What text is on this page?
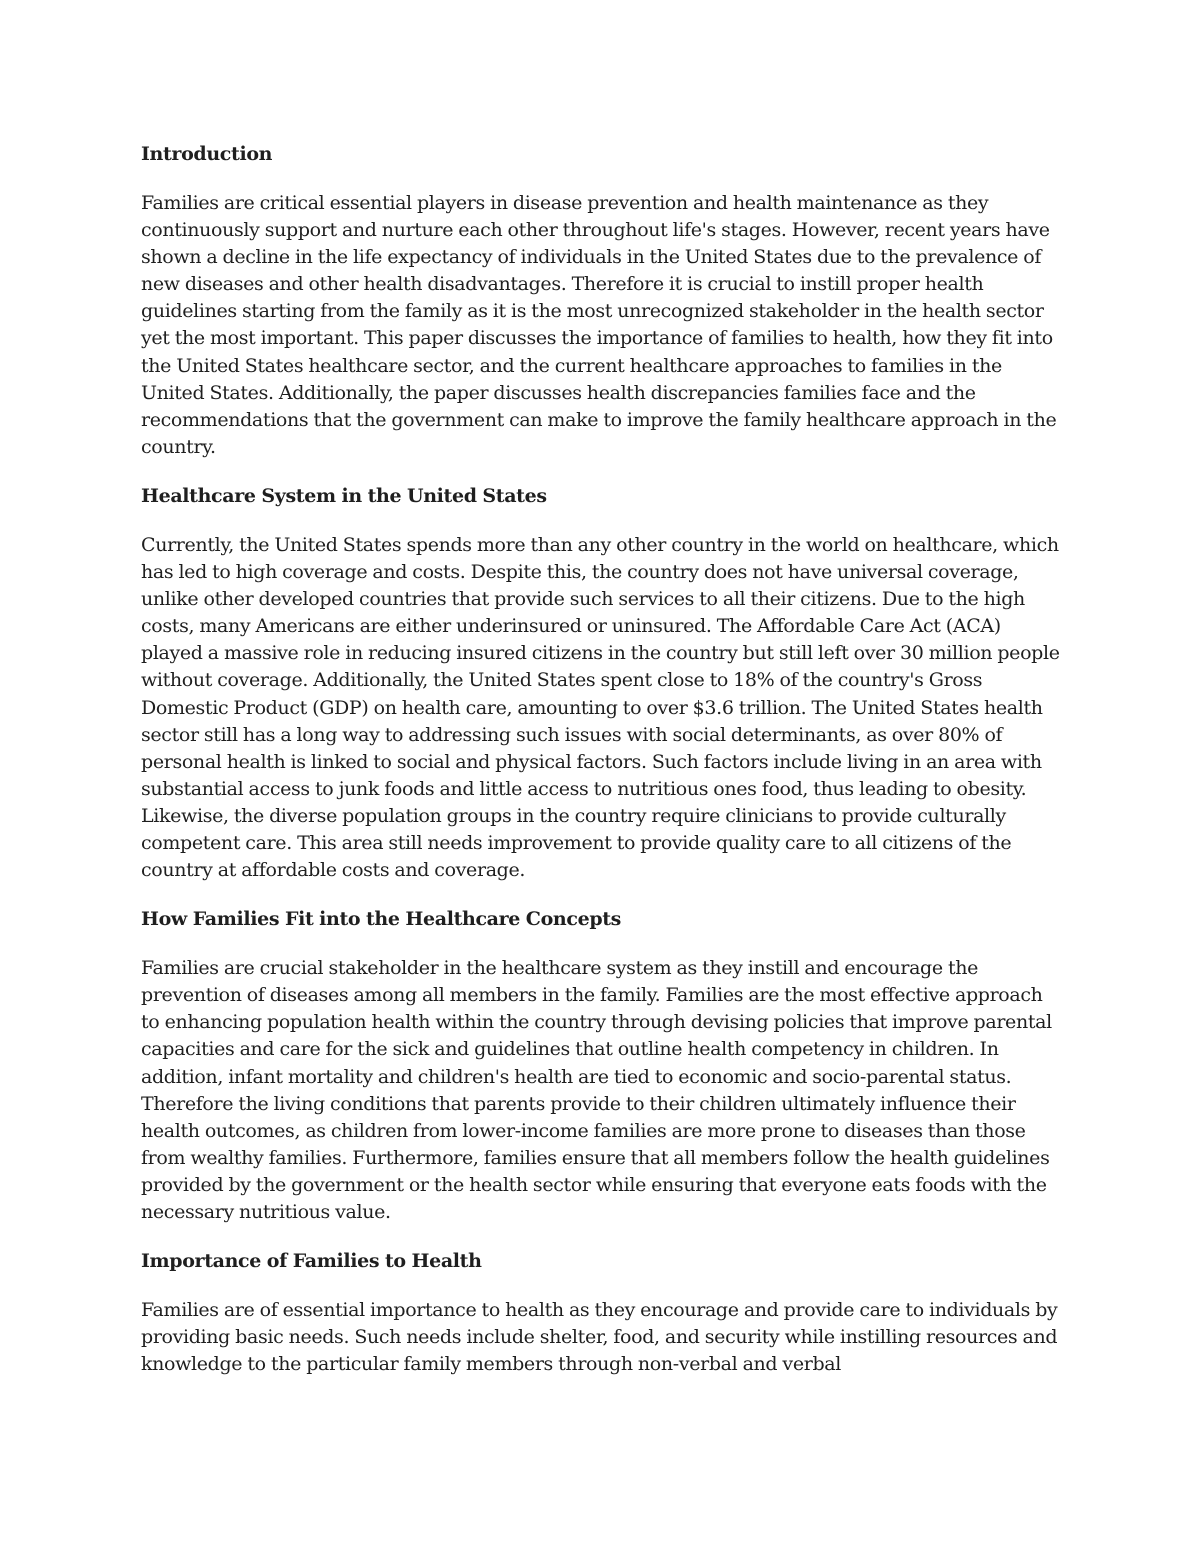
Introduction

Families are critical essential players in disease prevention and health maintenance as they continuously support and nurture each other throughout life's stages. However, recent years have shown a decline in the life expectancy of individuals in the United States due to the prevalence of new diseases and other health disadvantages. Therefore it is crucial to instill proper health guidelines starting from the family as it is the most unrecognized stakeholder in the health sector yet the most important. This paper discusses the importance of families to health, how they fit into the United States healthcare sector, and the current healthcare approaches to families in the United States. Additionally, the paper discusses health discrepancies families face and the recommendations that the government can make to improve the family healthcare approach in the country.

Healthcare System in the United States

Currently, the United States spends more than any other country in the world on healthcare, which has led to high coverage and costs. Despite this, the country does not have universal coverage, unlike other developed countries that provide such services to all their citizens. Due to the high costs, many Americans are either underinsured or uninsured. The Affordable Care Act (ACA) played a massive role in reducing insured citizens in the country but still left over 30 million people without coverage. Additionally, the United States spent close to 18% of the country's Gross Domestic Product (GDP) on health care, amounting to over $3.6 trillion. The United States health sector still has a long way to addressing such issues with social determinants, as over 80% of personal health is linked to social and physical factors. Such factors include living in an area with substantial access to junk foods and little access to nutritious ones food, thus leading to obesity. Likewise, the diverse population groups in the country require clinicians to provide culturally competent care. This area still needs improvement to provide quality care to all citizens of the country at affordable costs and coverage.

How Families Fit into the Healthcare Concepts

Families are crucial stakeholder in the healthcare system as they instill and encourage the prevention of diseases among all members in the family. Families are the most effective approach to enhancing population health within the country through devising policies that improve parental capacities and care for the sick and guidelines that outline health competency in children. In addition, infant mortality and children's health are tied to economic and socio-parental status. Therefore the living conditions that parents provide to their children ultimately influence their health outcomes, as children from lower-income families are more prone to diseases than those from wealthy families. Furthermore, families ensure that all members follow the health guidelines provided by the government or the health sector while ensuring that everyone eats foods with the necessary nutritious value.

Importance of Families to Health

Families are of essential importance to health as they encourage and provide care to individuals by providing basic needs. Such needs include shelter, food, and security while instilling resources and knowledge to the particular family members through non-verbal and verbal
